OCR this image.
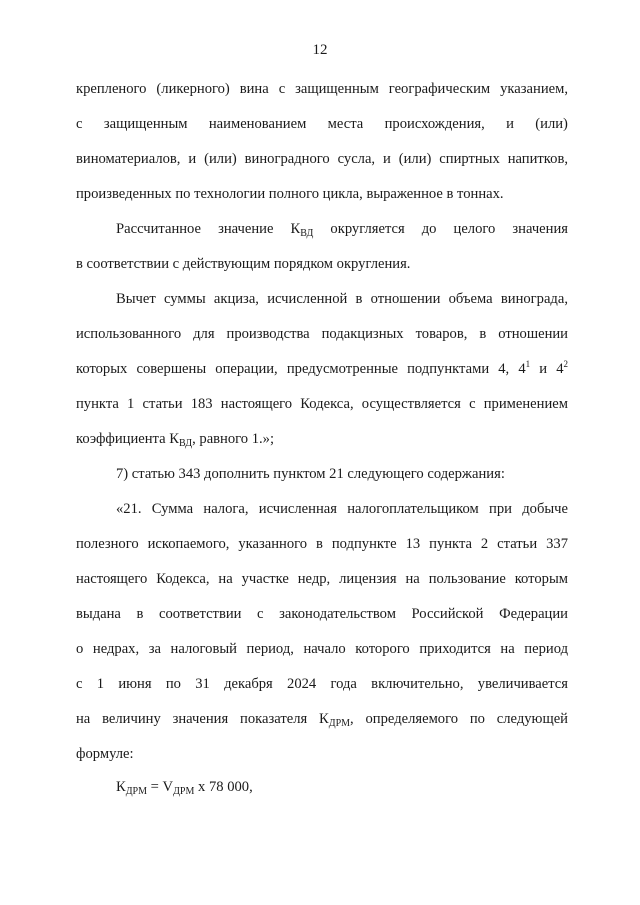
12
крепленого (ликерного) вина с защищенным географическим указанием,
с защищенным наименованием места происхождения, и (или)
виноматериалов, и (или) виноградного сусла, и (или) спиртных напитков,
произведенных по технологии полного цикла, выраженное в тоннах.
Рассчитанное значение $К_{ВД}$ округляется до целого значения
в соответствии с действующим порядком округления.
Вычет суммы акциза, исчисленной в отношении объема винограда,
использованного для производства подакцизных товаров, в отношении
которых совершены операции, предусмотренные подпунктами 4, $4^1$ и $4^2$
пункта 1 статьи 183 настоящего Кодекса, осуществляется с применением
коэффициента $К_{ВД}$, равного 1.»;
7) статью 343 дополнить пунктом 21 следующего содержания:
«21. Сумма налога, исчисленная налогоплательщиком при добыче
полезного ископаемого, указанного в подпункте 13 пункта 2 статьи 337
настоящего Кодекса, на участке недр, лицензия на пользование которым
выдана в соответствии с законодательством Российской Федерации
о недрах, за налоговый период, начало которого приходится на период
с 1 июня по 31 декабря 2024 года включительно, увеличивается
на величину значения показателя $К_{ДРМ}$, определяемого по следующей
формуле:
$К_{ДРМ} = V_{ДРМ}$ х 78 000,
